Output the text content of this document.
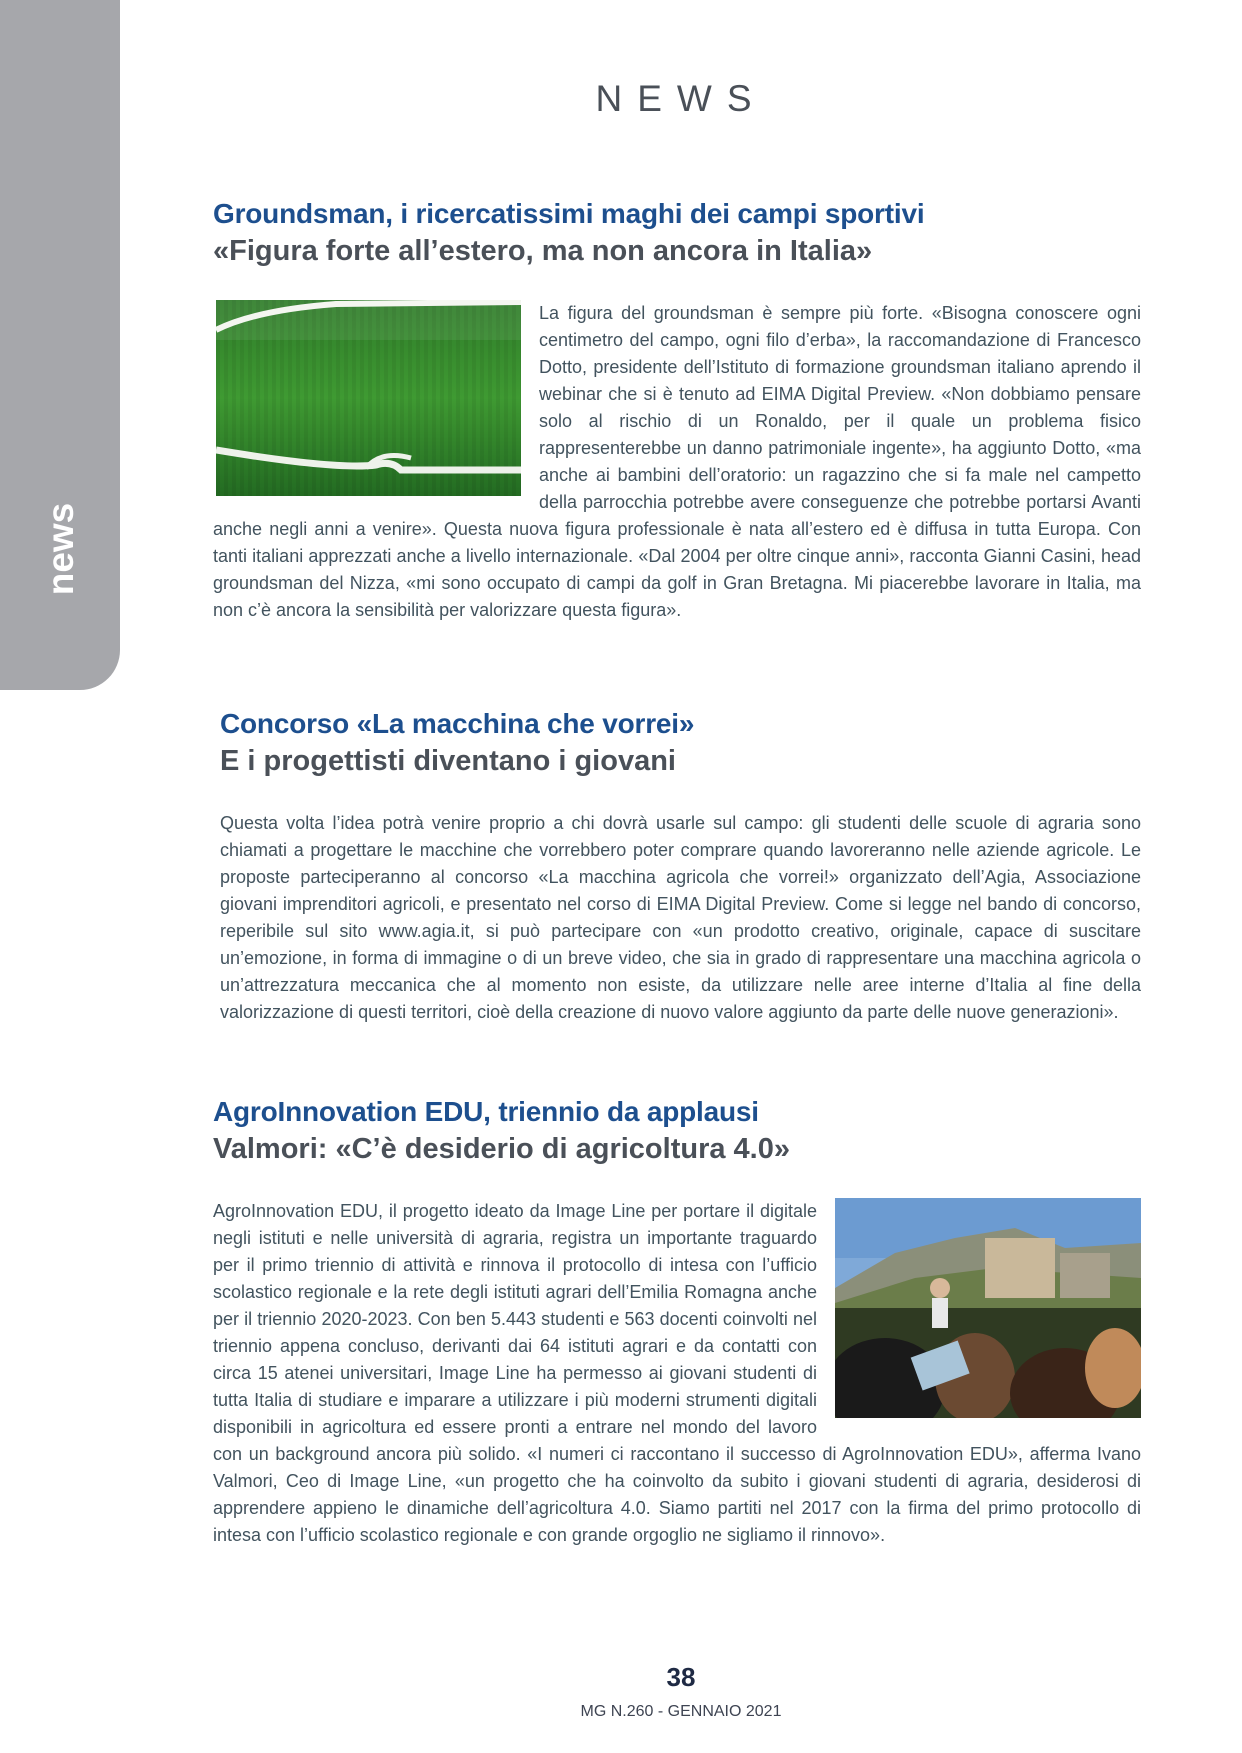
news
NEWS
Groundsman, i ricercatissimi maghi dei campi sportivi
«Figura forte all’estero, ma non ancora in Italia»

La figura del groundsman è sempre più forte. «Bisogna conoscere ogni centimetro del campo, ogni filo d’erba», la raccomandazione di Francesco Dotto, presidente dell’Istituto di formazione groundsman italiano aprendo il webinar che si è tenuto ad EIMA Digital Preview. «Non dobbiamo pensare solo al rischio di un Ronaldo, per il quale un problema fisico rappresenterebbe un danno patrimoniale ingente», ha aggiunto Dotto, «ma anche ai bambini dell’oratorio: un ragazzino che si fa male nel campetto della parrocchia potrebbe avere conseguenze che potrebbe portarsi Avanti anche negli anni a venire». Questa nuova figura professionale è nata all’estero ed è diffusa in tutta Europa. Con tanti italiani apprezzati anche a livello internazionale. «Dal 2004 per oltre cinque anni», racconta Gianni Casini, head groundsman del Nizza, «mi sono occupato di campi da golf in Gran Bretagna. Mi piacerebbe lavorare in Italia, ma non c’è ancora la sensibilità per valorizzare questa figura».

Concorso «La macchina che vorrei»
E i progettisti diventano i giovani

Questa volta l’idea potrà venire proprio a chi dovrà usarle sul campo: gli studenti delle scuole di agraria sono chiamati a progettare le macchine che vorrebbero poter comprare quando lavoreranno nelle aziende agricole. Le proposte parteciperanno al concorso «La macchina agricola che vorrei!» organizzato dell’Agia, Associazione giovani imprenditori agricoli, e presentato nel corso di EIMA Digital Preview. Come si legge nel bando di concorso, reperibile sul sito www.agia.it, si può partecipare con «un prodotto creativo, originale, capace di suscitare un’emozione, in forma di immagine o di un breve video, che sia in grado di rappresentare una macchina agricola o un’attrezzatura meccanica che al momento non esiste, da utilizzare nelle aree interne d’Italia al fine della valorizzazione di questi territori, cioè della creazione di nuovo valore aggiunto da parte delle nuove generazioni».

AgroInnovation EDU, triennio da applausi
Valmori: «C’è desiderio di agricoltura 4.0»

AgroInnovation EDU, il progetto ideato da Image Line per portare il digitale negli istituti e nelle università di agraria, registra un importante traguardo per il primo triennio di attività e rinnova il protocollo di intesa con l’ufficio scolastico regionale e la rete degli istituti agrari dell’Emilia Romagna anche per il triennio 2020-2023. Con ben 5.443 studenti e 563 docenti coinvolti nel triennio appena concluso, derivanti dai 64 istituti agrari e da contatti con circa 15 atenei universitari, Image Line ha permesso ai giovani studenti di tutta Italia di studiare e imparare a utilizzare i più moderni strumenti digitali disponibili in agricoltura ed essere pronti a entrare nel mondo del lavoro con un background ancora più solido. «I numeri ci raccontano il successo di AgroInnovation EDU», afferma Ivano Valmori, Ceo di Image Line, «un progetto che ha coinvolto da subito i giovani studenti di agraria, desiderosi di apprendere appieno le dinamiche dell’agricoltura 4.0. Siamo partiti nel 2017 con la firma del primo protocollo di intesa con l’ufficio scolastico regionale e con grande orgoglio ne sigliamo il rinnovo».

38
MG N.260 - GENNAIO 2021
